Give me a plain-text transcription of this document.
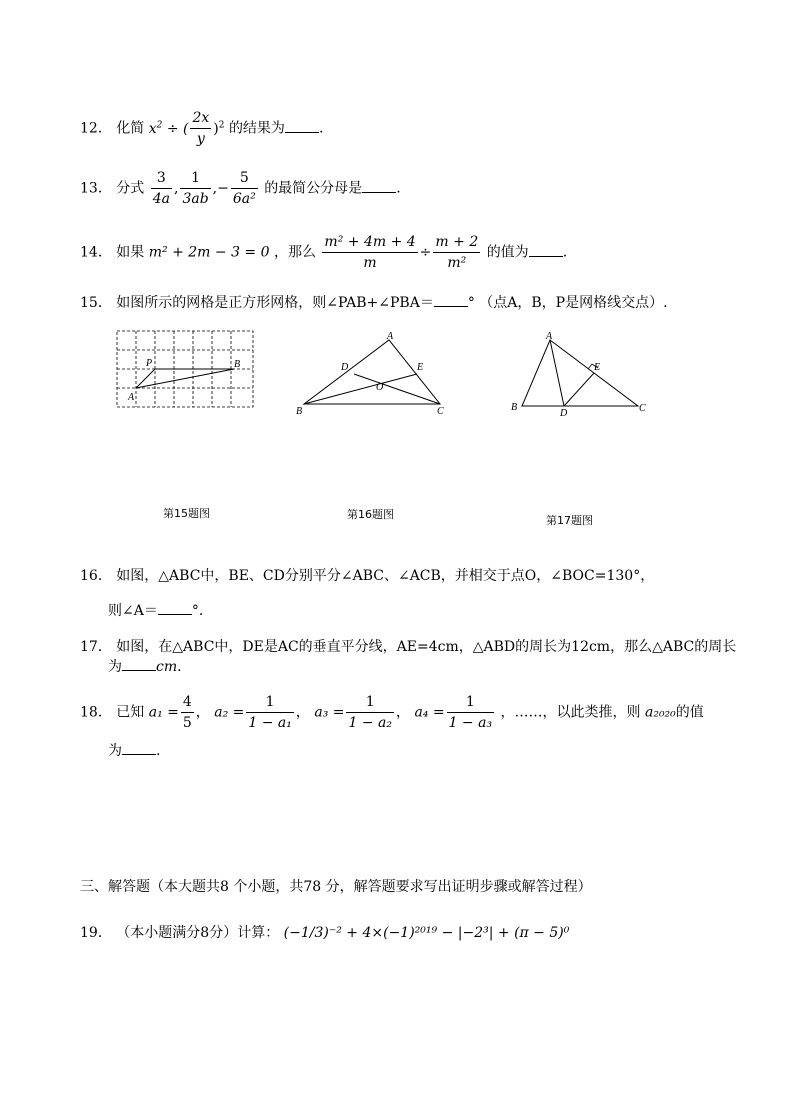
12． 化简 $x^2$ ÷ ( $\frac{2x}{y} )^2$ 的结果为 .
13． 分式 $\frac{3}{4a}$ , $\frac{1}{3ab}$ ,− $\frac{5}{\text{6a²}}$ 的最简公分母是 .
14． 如果 m² + 2m − 3 = 0 ，那么 $\frac{\text{m² + 4m + 4}}{m} \div \frac{m + 2}{\text{m²}}$ 的值为 .
15． 如图所示的网格是正方形网格，则∠PAB+∠PBA＝ ° （点A，B，P是网格线交点）.
P	B
A
A
B	C
D	E
O
A
B	C
D
E
第15题图	第16题图	第17题图
16． 如图，△ABC中，BE、CD分别平分∠ABC、∠ACB，并相交于点O，∠BOC=130°，
则∠A＝ °.
17． 如图，在△ABC中，DE是AC的垂直平分线，AE=4cm，△ABD的周长为12cm，那么△ABC的周长
为 cm.
18． 已知 $a_1 = \frac{4}{5}$ ， $a_2 = \frac{1}{\text{1 − a₁}}$ ， $a_3 = \frac{1}{\text{1 − a₂}}$ ， $a_4 = \frac{1}{\text{1 − a₃}}$ ，……，以此类推，则 a₂₀₂₀的值
为 .
三、解答题（本大题共8 个小题，共78 分，解答题要求写出证明步骤或解答过程）
19． （本小题满分8分）计算： (−1/3)⁻² + 4×(−1)²⁰¹⁹ − |−2³| + (π − 5)⁰
